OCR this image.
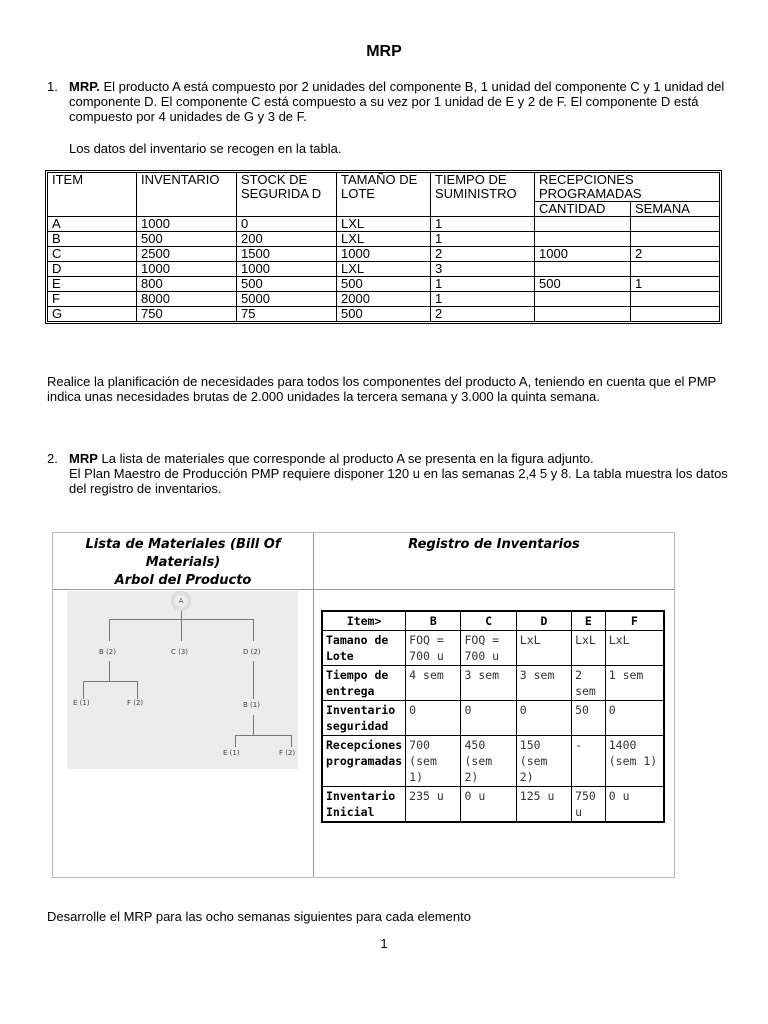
MRP
1. MRP. El producto A está compuesto por 2 unidades del componente B, 1 unidad del componente C y 1 unidad del componente D. El componente C está compuesto a su vez por 1 unidad de E y 2 de F. El componente D está compuesto por 4 unidades de G y 3 de F.
Los datos del inventario se recogen en la tabla.
ITEM	INVENTARIO	STOCK DE SEGURIDA D	TAMAÑO DE LOTE	TIEMPO DE SUMINISTRO	RECEPCIONES PROGRAMADAS	
					CANTIDAD	SEMANA
A	1000	0	LXL	1		
B	500	200	LXL	1		
C	2500	1500	1000	2	1000	2
D	1000	1000	LXL	3		
E	800	500	500	1	500	1
F	8000	5000	2000	1		
G	750	75	500	2		
Realice la planificación de necesidades para todos los componentes del producto A, teniendo en cuenta que el PMP indica unas necesidades brutas de 2.000 unidades la tercera semana y 3.000 la quinta semana.
2. MRP La lista de materiales que corresponde al producto A se presenta en la figura adjunto.
El Plan Maestro de Producción PMP requiere disponer 120 u en las semanas 2,4 5 y 8. La tabla muestra los datos del registro de inventarios.
Lista de Materiales (Bill Of
Materials)
Arbol del Producto
Registro de Inventarios
A
B (2)	C (3)	D (2)
E (1)	F (2)	B (1)
E (1)	F (2)
Item>	B	C	D	E	F
Tamano de Lote	FOQ = 700 u	FOQ = 700 u	LxL	LxL	LxL
Tiempo de entrega	4 sem	3 sem	3 sem	2 sem	1 sem
Inventario seguridad	0	0	0	50	0
Recepciones programadas	700 (sem 1)	450 (sem 2)	150 (sem 2)	-	1400 (sem 1)
Inventario Inicial	235 u	0 u	125 u	750 u	0 u
Desarrolle el MRP para las ocho semanas siguientes para cada elemento
1
